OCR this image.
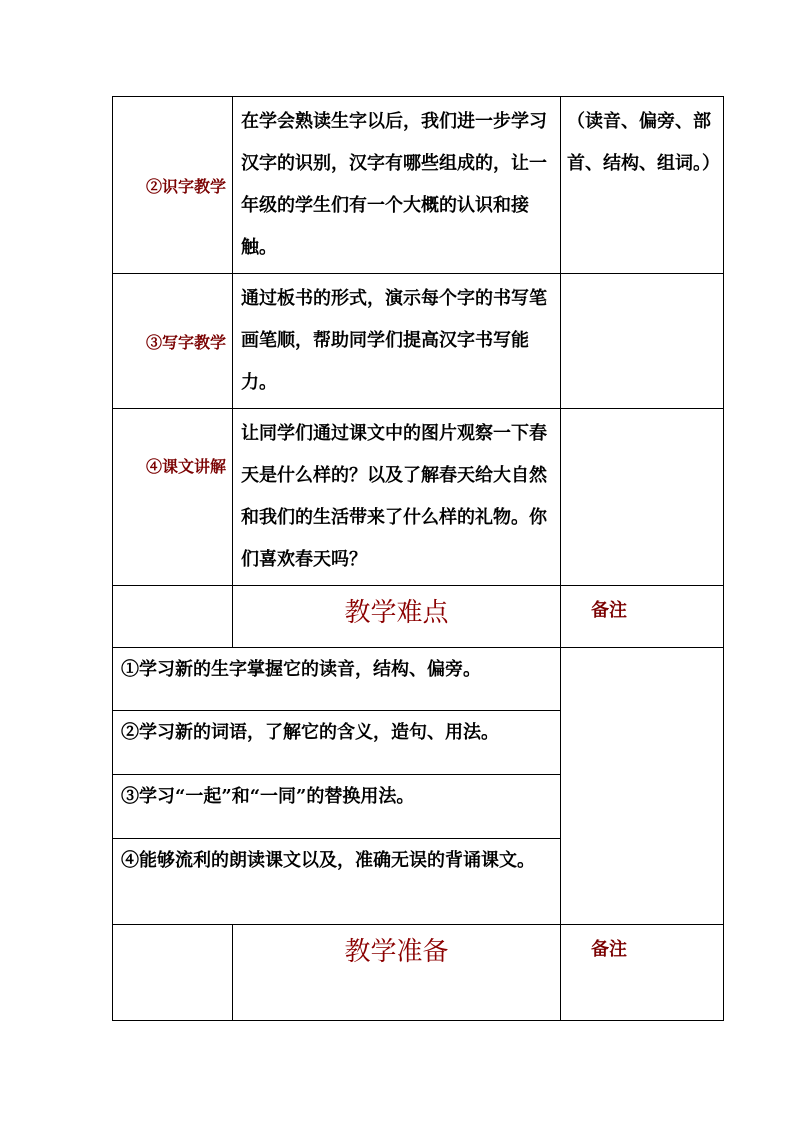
②识字教学	在学会熟读生字以后，我们进一步学习汉字的识别，汉字有哪些组成的，让一年级的学生们有一个大概的认识和接触。	（读音、偏旁、部首、结构、组词。）
③写字教学	通过板书的形式，演示每个字的书写笔画笔顺，帮助同学们提高汉字书写能力。	
④课文讲解	让同学们通过课文中的图片观察一下春天是什么样的？以及了解春天给大自然和我们的生活带来了什么样的礼物。你们喜欢春天吗？	
	教学难点	备注
①学习新的生字掌握它的读音，结构、偏旁。		
②学习新的词语，了解它的含义，造句、用法。		
③学习“一起”和“一同”的替换用法。		
④能够流利的朗读课文以及，准确无误的背诵课文。		
	教学准备	备注
